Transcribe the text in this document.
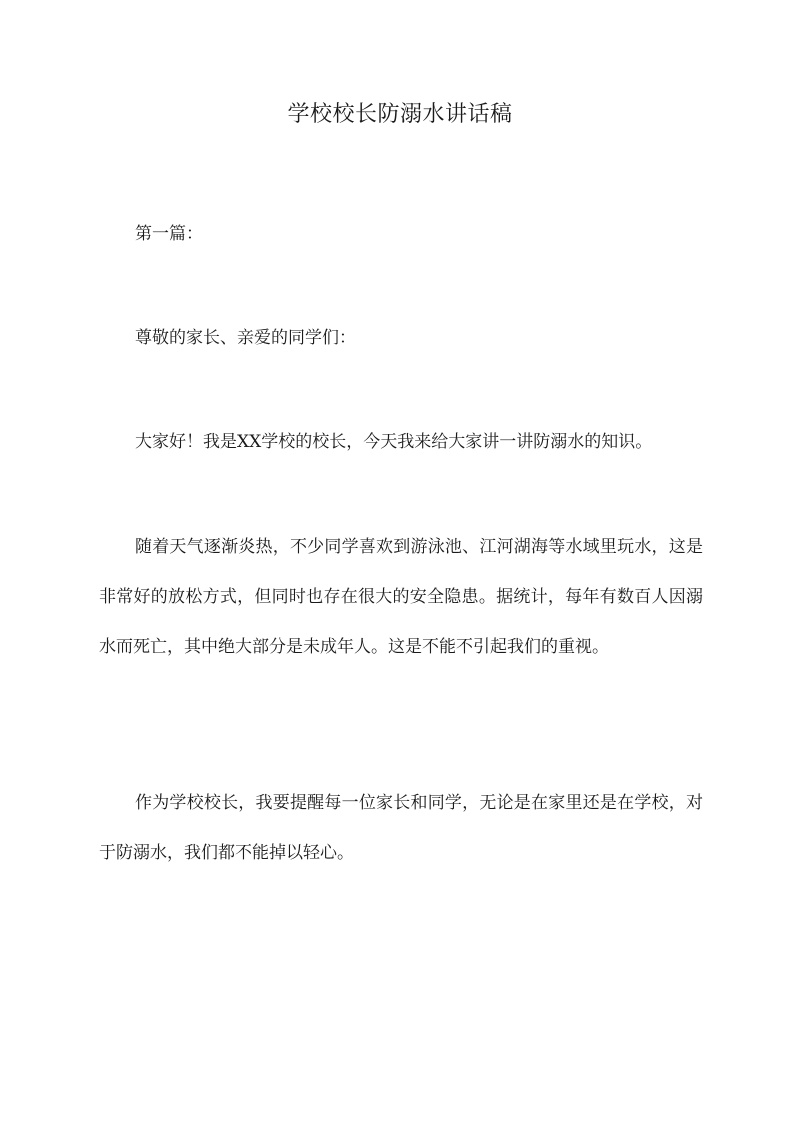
学校校长防溺水讲话稿

第一篇：

尊敬的家长、亲爱的同学们：

大家好！我是XX学校的校长，今天我来给大家讲一讲防溺水的知识。

随着天气逐渐炎热，不少同学喜欢到游泳池、江河湖海等水域里玩水，这是非常好的放松方式，但同时也存在很大的安全隐患。据统计，每年有数百人因溺水而死亡，其中绝大部分是未成年人。这是不能不引起我们的重视。

作为学校校长，我要提醒每一位家长和同学，无论是在家里还是在学校，对于防溺水，我们都不能掉以轻心。
